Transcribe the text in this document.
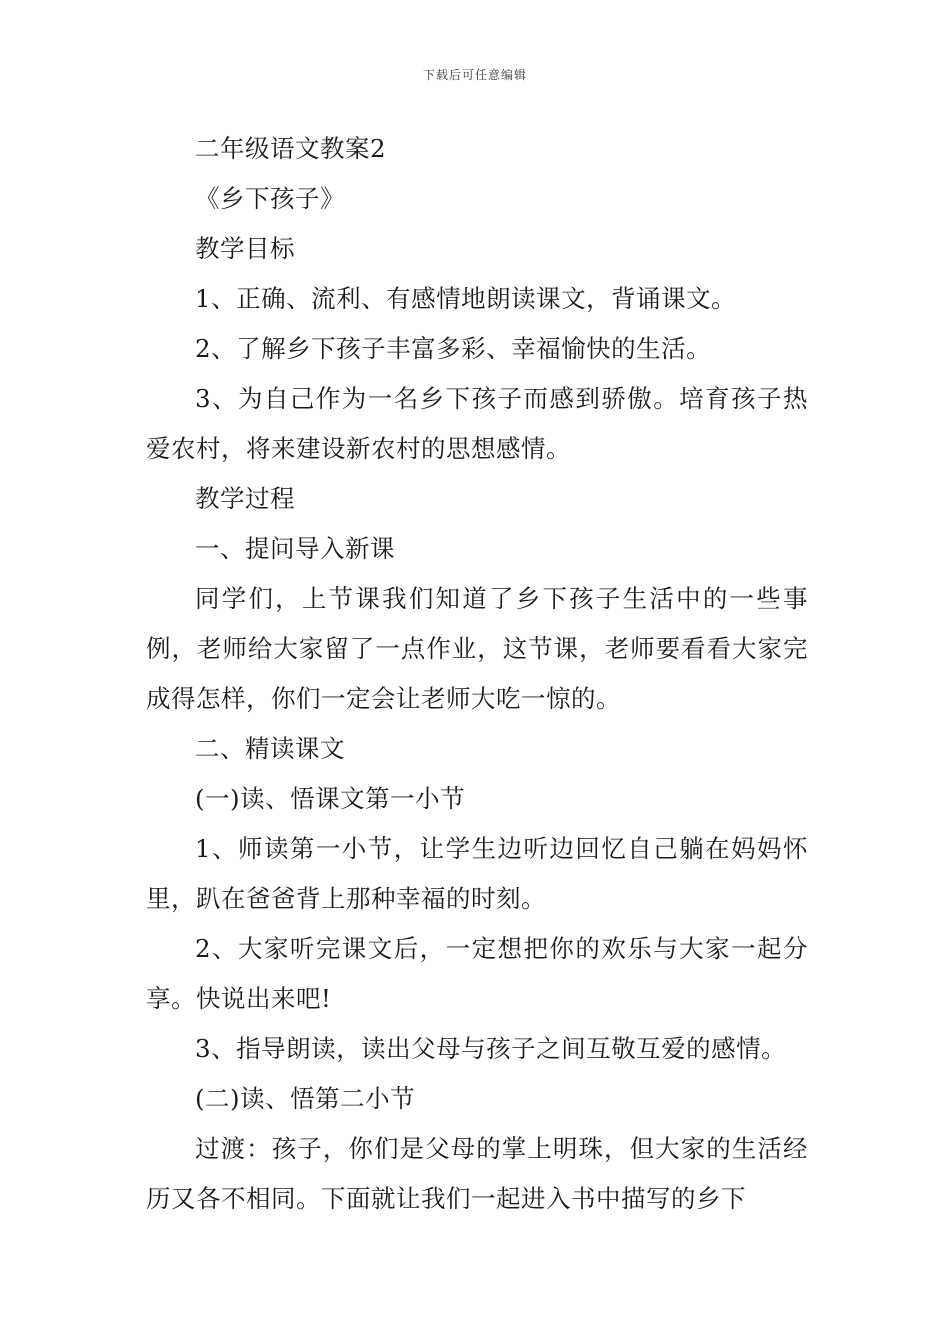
下载后可任意编辑

二年级语文教案2

《乡下孩子》

教学目标

1、正确、流利、有感情地朗读课文，背诵课文。

2、了解乡下孩子丰富多彩、幸福愉快的生活。

3、为自己作为一名乡下孩子而感到骄傲。培育孩子热爱农村，将来建设新农村的思想感情。

教学过程

一、提问导入新课

同学们，上节课我们知道了乡下孩子生活中的一些事例，老师给大家留了一点作业，这节课，老师要看看大家完成得怎样，你们一定会让老师大吃一惊的。

二、精读课文

(一)读、悟课文第一小节

1、师读第一小节，让学生边听边回忆自己躺在妈妈怀里，趴在爸爸背上那种幸福的时刻。

2、大家听完课文后，一定想把你的欢乐与大家一起分享。快说出来吧!

3、指导朗读，读出父母与孩子之间互敬互爱的感情。

(二)读、悟第二小节

过渡：孩子，你们是父母的掌上明珠，但大家的生活经历又各不相同。下面就让我们一起进入书中描写的乡下
